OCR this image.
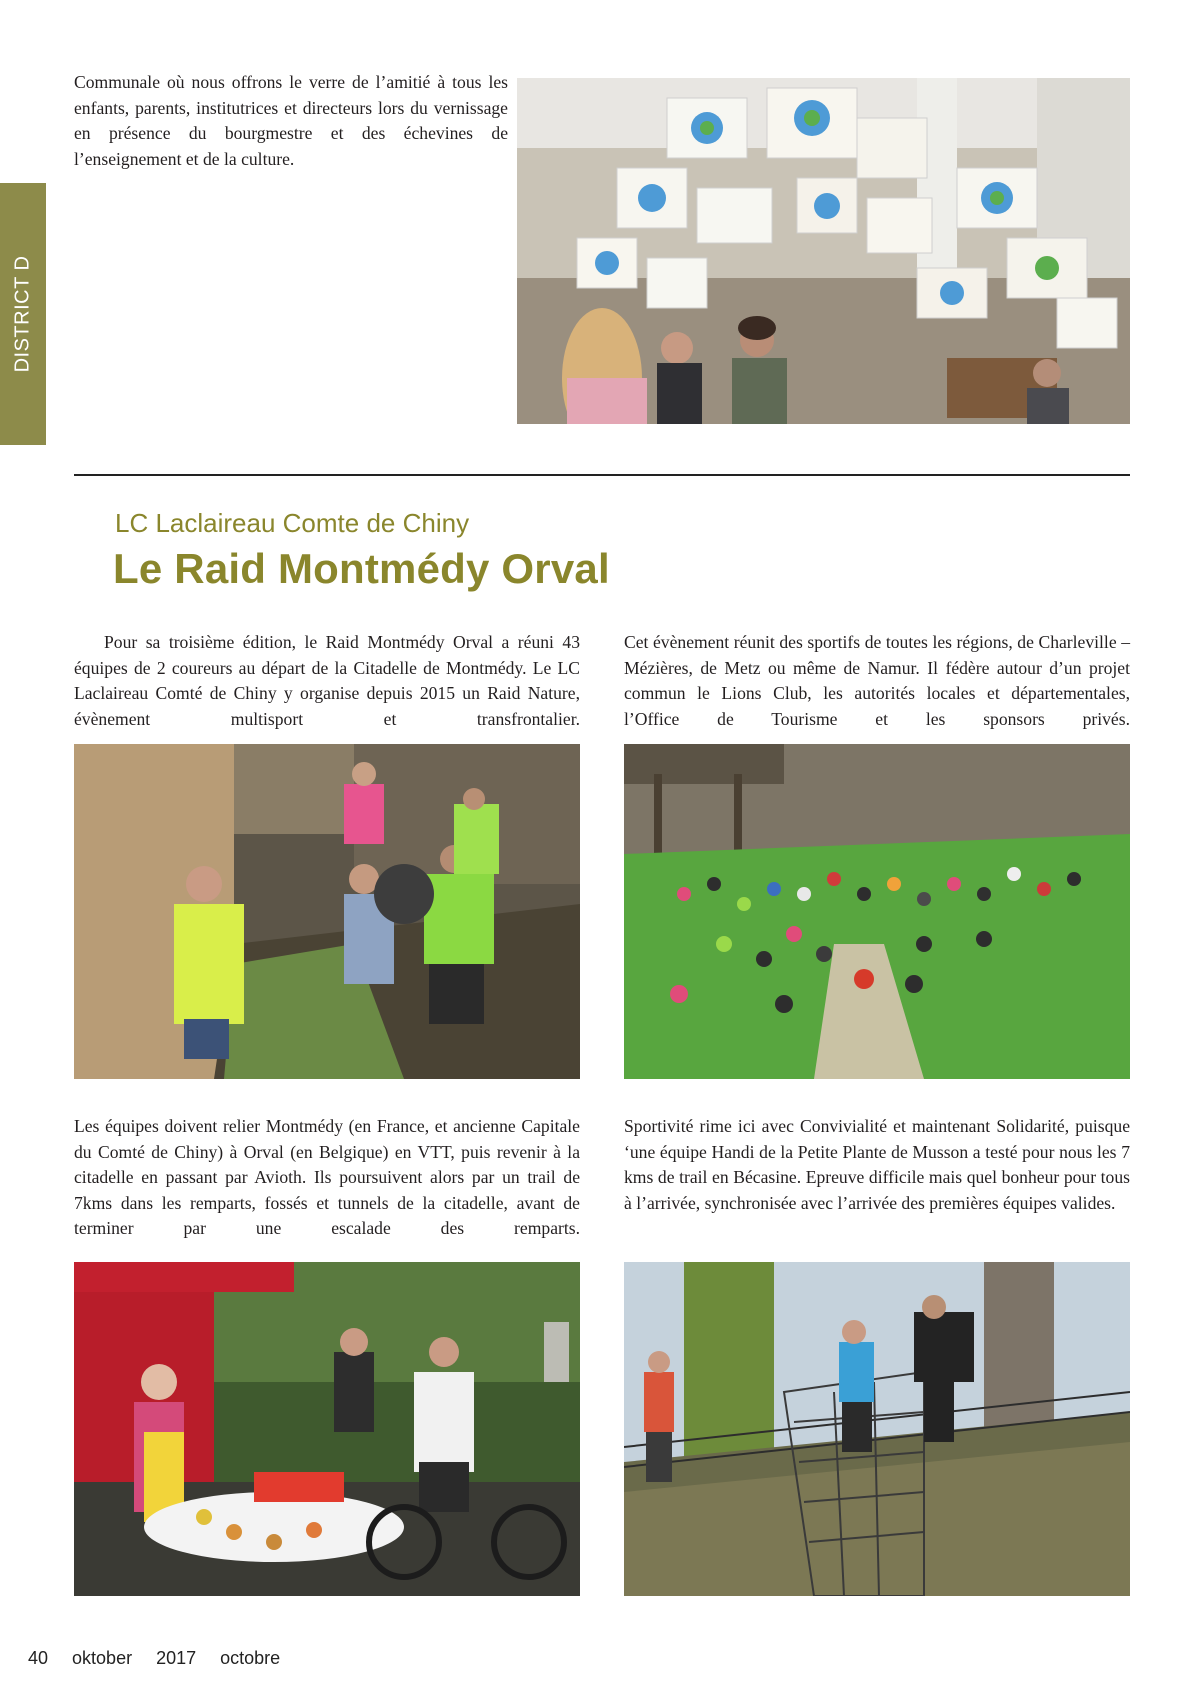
DISTRICT D

Communale où nous offrons le verre de l’amitié à tous les enfants, parents, institutrices et directeurs lors du vernissage en présence du bourgmestre et des échevines de l’enseignement et de la culture.

LC Laclaireau Comte de Chiny
Le Raid Montmédy Orval

Pour sa troisième édition, le Raid Montmédy Orval a réuni 43 équipes de 2 coureurs au départ de la Citadelle de Montmédy. Le LC Laclaireau Comté de Chiny y organise depuis 2015 un Raid Nature, évènement multisport et transfrontalier.

Cet évènement réunit des sportifs de toutes les régions, de Charleville – Mézières, de Metz ou même de Namur. Il fédère autour d’un projet commun le Lions Club, les autorités locales et départementales, l’Office de Tourisme et les sponsors privés.

Les équipes doivent relier Montmédy (en France, et ancienne Capitale du Comté de Chiny) à Orval (en Belgique) en VTT, puis revenir à la citadelle en passant par Avioth. Ils poursuivent alors par un trail de 7kms dans les remparts, fossés et tunnels de la citadelle, avant de terminer par une escalade des remparts.

Sportivité rime ici avec Convivialité et maintenant Solidarité, puisque ‘une équipe Handi de la Petite Plante de Musson a testé pour nous les 7 kms de trail en Bécasine. Epreuve difficile mais quel bonheur pour tous à l’arrivée, synchronisée avec l’arrivée des premières équipes valides.

40 oktober 2017 octobre
